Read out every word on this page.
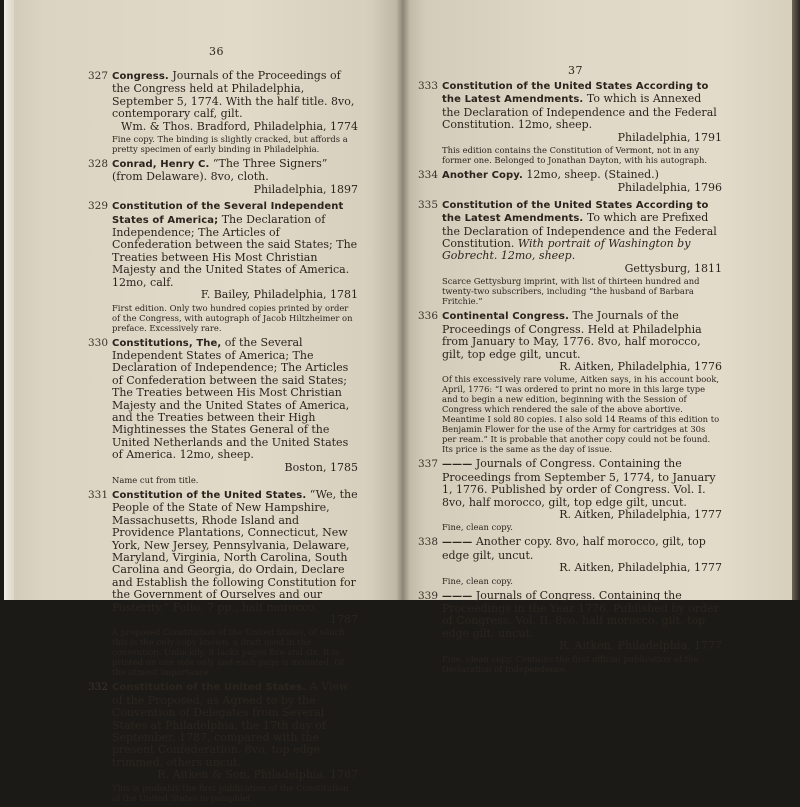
36
327 Congress. Journals of the Proceedings of the Congress held at Philadelphia, September 5, 1774. With the half title. 8vo, contemporary calf, gilt.
Wm. & Thos. Bradford, Philadelphia, 1774
Fine copy. The binding is slightly cracked, but affords a pretty specimen of early binding in Philadelphia.
328 Conrad, Henry C. “The Three Signers” (from Delaware). 8vo, cloth.
Philadelphia, 1897
329 Constitution of the Several Independent States of America; The Declaration of Independence; The Articles of Confederation between the said States; The Treaties between His Most Christian Majesty and the United States of America. 12mo, calf.
F. Bailey, Philadelphia, 1781
First edition. Only two hundred copies printed by order of the Congress, with autograph of Jacob Hiltzheimer on preface. Excessively rare.
330 Constitutions, The, of the Several Independent States of America; The Declaration of Independence; The Articles of Confederation between the said States; The Treaties between His Most Christian Majesty and the United States of America, and the Treaties between their High Mightinesses the States General of the United Netherlands and the United States of America. 12mo, sheep.
Boston, 1785
Name cut from title.
331 Constitution of the United States. “We, the People of the State of New Hampshire, Massachusetts, Rhode Island and Providence Plantations, Connecticut, New York, New Jersey, Pennsylvania, Delaware, Maryland, Virginia, North Carolina, South Carolina and Georgia, do Ordain, Declare and Establish the following Constitution for the Government of Ourselves and our Posterity.” Folio. 7 pp., half morocco.
1787
A proposed Constitution of the United States, of which this is the only copy known, a draft used in the convention. Unluckily, it lacks pages five and six. It is printed on one side only and each page is mounted. Of the utmost importance.
332 Constitution of the United States. A View of the Proposed, as Agreed to by the Convention of Delegates from Several States at Philadelphia, the 17th day of September, 1787, compared with the present Confederation. 8vo, top edge trimmed, others uncut.
R. Aitken & Son, Philadelphia, 1787
This is probably the first publication of the Constitution of the United States in pamphlet.
37
333 Constitution of the United States According to the Latest Amendments. To which is Annexed the Declaration of Independence and the Federal Constitution. 12mo, sheep.
Philadelphia, 1791
This edition contains the Constitution of Vermont, not in any former one. Belonged to Jonathan Dayton, with his autograph.
334 Another Copy. 12mo, sheep. (Stained.)
Philadelphia, 1796
335 Constitution of the United States According to the Latest Amendments. To which are Prefixed the Declaration of Independence and the Federal Constitution. With portrait of Washington by Gobrecht. 12mo, sheep.
Gettysburg, 1811
Scarce Gettysburg imprint, with list of thirteen hundred and twenty-two subscribers, including “the husband of Barbara Fritchie.”
336 Continental Congress. The Journals of the Proceedings of Congress. Held at Philadelphia from January to May, 1776. 8vo, half morocco, gilt, top edge gilt, uncut.
R. Aitken, Philadelphia, 1776
Of this excessively rare volume, Aitken says, in his account book, April, 1776: “I was ordered to print no more in this large type and to begin a new edition, beginning with the Session of Congress which rendered the sale of the above abortive. Meantime I sold 80 copies. I also sold 14 Reams of this edition to Benjamin Flower for the use of the Army for cartridges at 30s per ream.” It is probable that another copy could not be found. Its price is the same as the day of issue.
337 ——— Journals of Congress. Containing the Proceedings from September 5, 1774, to January 1, 1776. Published by order of Congress. Vol. I. 8vo, half morocco, gilt, top edge gilt, uncut.
R. Aitken, Philadelphia, 1777
Fine, clean copy.
338 ——— Another copy. 8vo, half morocco, gilt, top edge gilt, uncut.
R. Aitken, Philadelphia, 1777
Fine, clean copy.
339 ——— Journals of Congress. Containing the Proceedings in the Year 1776. Published by order of Congress. Vol. II. 8vo, half morocco, gilt, top edge gilt, uncut.
R. Aitken, Philadelphia, 1777
Fine, clean copy. Contains the first official publication of the Declaration of Independence.
